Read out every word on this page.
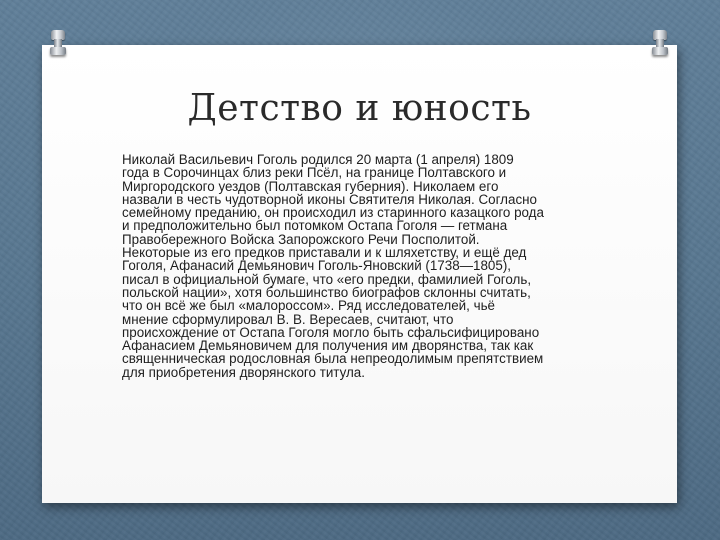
Детство и юность
Николай Васильевич Гоголь родился 20 марта (1 апреля) 1809
года в Сорочинцах близ реки Псёл, на границе Полтавского и
Миргородского уездов (Полтавская губерния). Николаем его
назвали в честь чудотворной иконы Святителя Николая. Согласно
семейному преданию, он происходил из старинного казацкого рода
и предположительно был потомком Остапа Гоголя — гетмана
Правобережного Войска Запорожского Речи Посполитой.
Некоторые из его предков приставали и к шляхетству, и ещё дед
Гоголя, Афанасий Демьянович Гоголь-Яновский (1738—1805),
писал в официальной бумаге, что «его предки, фамилией Гоголь,
польской нации», хотя большинство биографов склонны считать,
что он всё же был «малороссом». Ряд исследователей, чьё
мнение сформулировал В. В. Вересаев, считают, что
происхождение от Остапа Гоголя могло быть сфальсифицировано
Афанасием Демьяновичем для получения им дворянства, так как
священническая родословная была непреодолимым препятствием
для приобретения дворянского титула.
